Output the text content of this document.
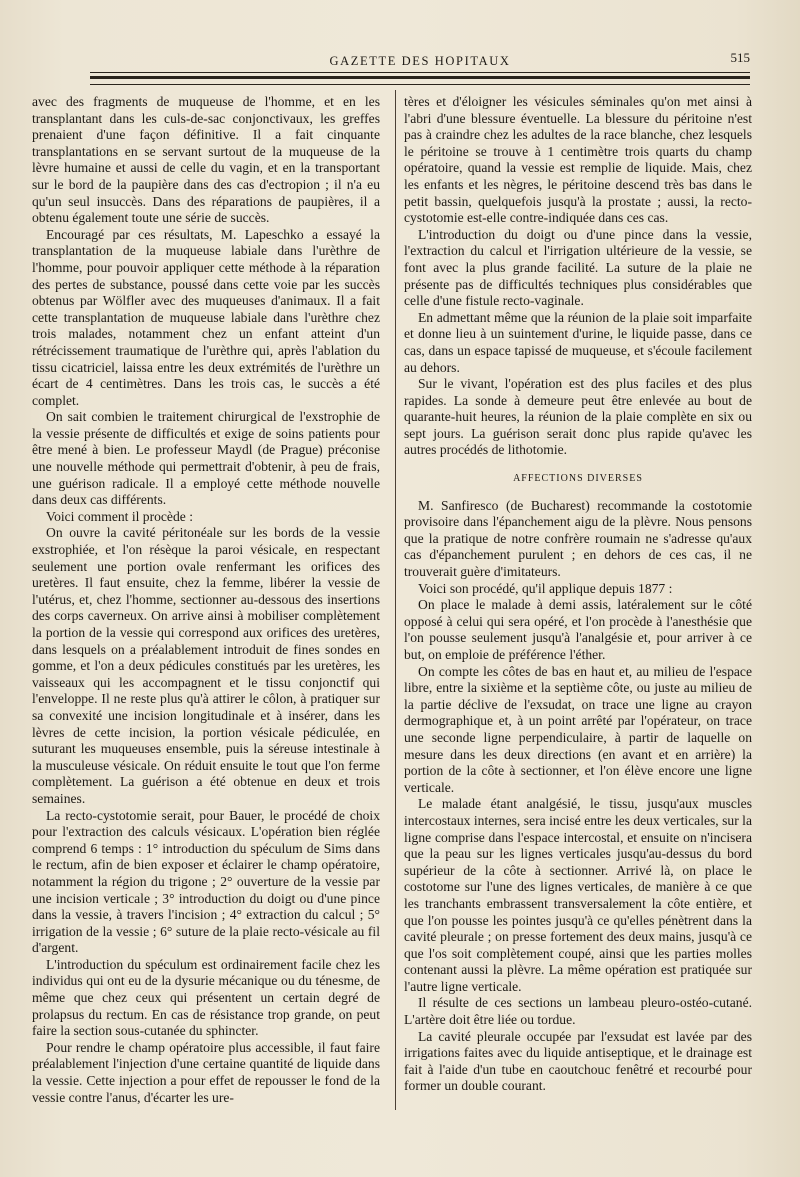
GAZETTE DES HOPITAUX	515

avec des fragments de muqueuse de l'homme, et en les transplantant dans les culs-de-sac conjonctivaux, les greffes prenaient d'une façon définitive. Il a fait cinquante transplantations en se servant surtout de la muqueuse de la lèvre humaine et aussi de celle du vagin, et en la transportant sur le bord de la paupière dans des cas d'ectropion ; il n'a eu qu'un seul insuccès. Dans des réparations de paupières, il a obtenu également toute une série de succès.

Encouragé par ces résultats, M. Lapeschko a essayé la transplantation de la muqueuse labiale dans l'urèthre de l'homme, pour pouvoir appliquer cette méthode à la réparation des pertes de substance, poussé dans cette voie par les succès obtenus par Wölfler avec des muqueuses d'animaux. Il a fait cette transplantation de muqueuse labiale dans l'urèthre chez trois malades, notamment chez un enfant atteint d'un rétrécissement traumatique de l'urèthre qui, après l'ablation du tissu cicatriciel, laissa entre les deux extrémités de l'urèthre un écart de 4 centimètres. Dans les trois cas, le succès a été complet.

On sait combien le traitement chirurgical de l'exstrophie de la vessie présente de difficultés et exige de soins patients pour être mené à bien. Le professeur Maydl (de Prague) préconise une nouvelle méthode qui permettrait d'obtenir, à peu de frais, une guérison radicale. Il a employé cette méthode nouvelle dans deux cas différents.

Voici comment il procède :

On ouvre la cavité péritonéale sur les bords de la vessie exstrophiée, et l'on résèque la paroi vésicale, en respectant seulement une portion ovale renfermant les orifices des uretères. Il faut ensuite, chez la femme, libérer la vessie de l'utérus, et, chez l'homme, sectionner au-dessous des insertions des corps caverneux. On arrive ainsi à mobiliser complètement la portion de la vessie qui correspond aux orifices des uretères, dans lesquels on a préalablement introduit de fines sondes en gomme, et l'on a deux pédicules constitués par les uretères, les vaisseaux qui les accompagnent et le tissu conjonctif qui l'enveloppe. Il ne reste plus qu'à attirer le côlon, à pratiquer sur sa convexité une incision longitudinale et à insérer, dans les lèvres de cette incision, la portion vésicale pédiculée, en suturant les muqueuses ensemble, puis la séreuse intestinale à la musculeuse vésicale. On réduit ensuite le tout que l'on ferme complètement. La guérison a été obtenue en deux et trois semaines.

La recto-cystotomie serait, pour Bauer, le procédé de choix pour l'extraction des calculs vésicaux. L'opération bien réglée comprend 6 temps : 1° introduction du spéculum de Sims dans le rectum, afin de bien exposer et éclairer le champ opératoire, notamment la région du trigone ; 2° ouverture de la vessie par une incision verticale ; 3° introduction du doigt ou d'une pince dans la vessie, à travers l'incision ; 4° extraction du calcul ; 5° irrigation de la vessie ; 6° suture de la plaie recto-vésicale au fil d'argent.

L'introduction du spéculum est ordinairement facile chez les individus qui ont eu de la dysurie mécanique ou du ténesme, de même que chez ceux qui présentent un certain degré de prolapsus du rectum. En cas de résistance trop grande, on peut faire la section sous-cutanée du sphincter.

Pour rendre le champ opératoire plus accessible, il faut faire préalablement l'injection d'une certaine quantité de liquide dans la vessie. Cette injection a pour effet de repousser le fond de la vessie contre l'anus, d'écarter les ure-

tères et d'éloigner les vésicules séminales qu'on met ainsi à l'abri d'une blessure éventuelle. La blessure du péritoine n'est pas à craindre chez les adultes de la race blanche, chez lesquels le péritoine se trouve à 1 centimètre trois quarts du champ opératoire, quand la vessie est remplie de liquide. Mais, chez les enfants et les nègres, le péritoine descend très bas dans le petit bassin, quelquefois jusqu'à la prostate ; aussi, la recto-cystotomie est-elle contre-indiquée dans ces cas.

L'introduction du doigt ou d'une pince dans la vessie, l'extraction du calcul et l'irrigation ultérieure de la vessie, se font avec la plus grande facilité. La suture de la plaie ne présente pas de difficultés techniques plus considérables que celle d'une fistule recto-vaginale.

En admettant même que la réunion de la plaie soit imparfaite et donne lieu à un suintement d'urine, le liquide passe, dans ce cas, dans un espace tapissé de muqueuse, et s'écoule facilement au dehors.

Sur le vivant, l'opération est des plus faciles et des plus rapides. La sonde à demeure peut être enlevée au bout de quarante-huit heures, la réunion de la plaie complète en six ou sept jours. La guérison serait donc plus rapide qu'avec les autres procédés de lithotomie.

AFFECTIONS DIVERSES

M. Sanfiresco (de Bucharest) recommande la costotomie provisoire dans l'épanchement aigu de la plèvre. Nous pensons que la pratique de notre confrère roumain ne s'adresse qu'aux cas d'épanchement purulent ; en dehors de ces cas, il ne trouverait guère d'imitateurs.

Voici son procédé, qu'il applique depuis 1877 :

On place le malade à demi assis, latéralement sur le côté opposé à celui qui sera opéré, et l'on procède à l'anesthésie que l'on pousse seulement jusqu'à l'analgésie et, pour arriver à ce but, on emploie de préférence l'éther.

On compte les côtes de bas en haut et, au milieu de l'espace libre, entre la sixième et la septième côte, ou juste au milieu de la partie déclive de l'exsudat, on trace une ligne au crayon dermographique et, à un point arrêté par l'opérateur, on trace une seconde ligne perpendiculaire, à partir de laquelle on mesure dans les deux directions (en avant et en arrière) la portion de la côte à sectionner, et l'on élève encore une ligne verticale.

Le malade étant analgésié, le tissu, jusqu'aux muscles intercostaux internes, sera incisé entre les deux verticales, sur la ligne comprise dans l'espace intercostal, et ensuite on n'incisera que la peau sur les lignes verticales jusqu'au-dessus du bord supérieur de la côte à sectionner. Arrivé là, on place le costotome sur l'une des lignes verticales, de manière à ce que les tranchants embrassent transversalement la côte entière, et que l'on pousse les pointes jusqu'à ce qu'elles pénètrent dans la cavité pleurale ; on presse fortement des deux mains, jusqu'à ce que l'os soit complètement coupé, ainsi que les parties molles contenant aussi la plèvre. La même opération est pratiquée sur l'autre ligne verticale.

Il résulte de ces sections un lambeau pleuro-ostéo-cutané. L'artère doit être liée ou tordue.

La cavité pleurale occupée par l'exsudat est lavée par des irrigations faites avec du liquide antiseptique, et le drainage est fait à l'aide d'un tube en caoutchouc fenêtré et recourbé pour former un double courant.
